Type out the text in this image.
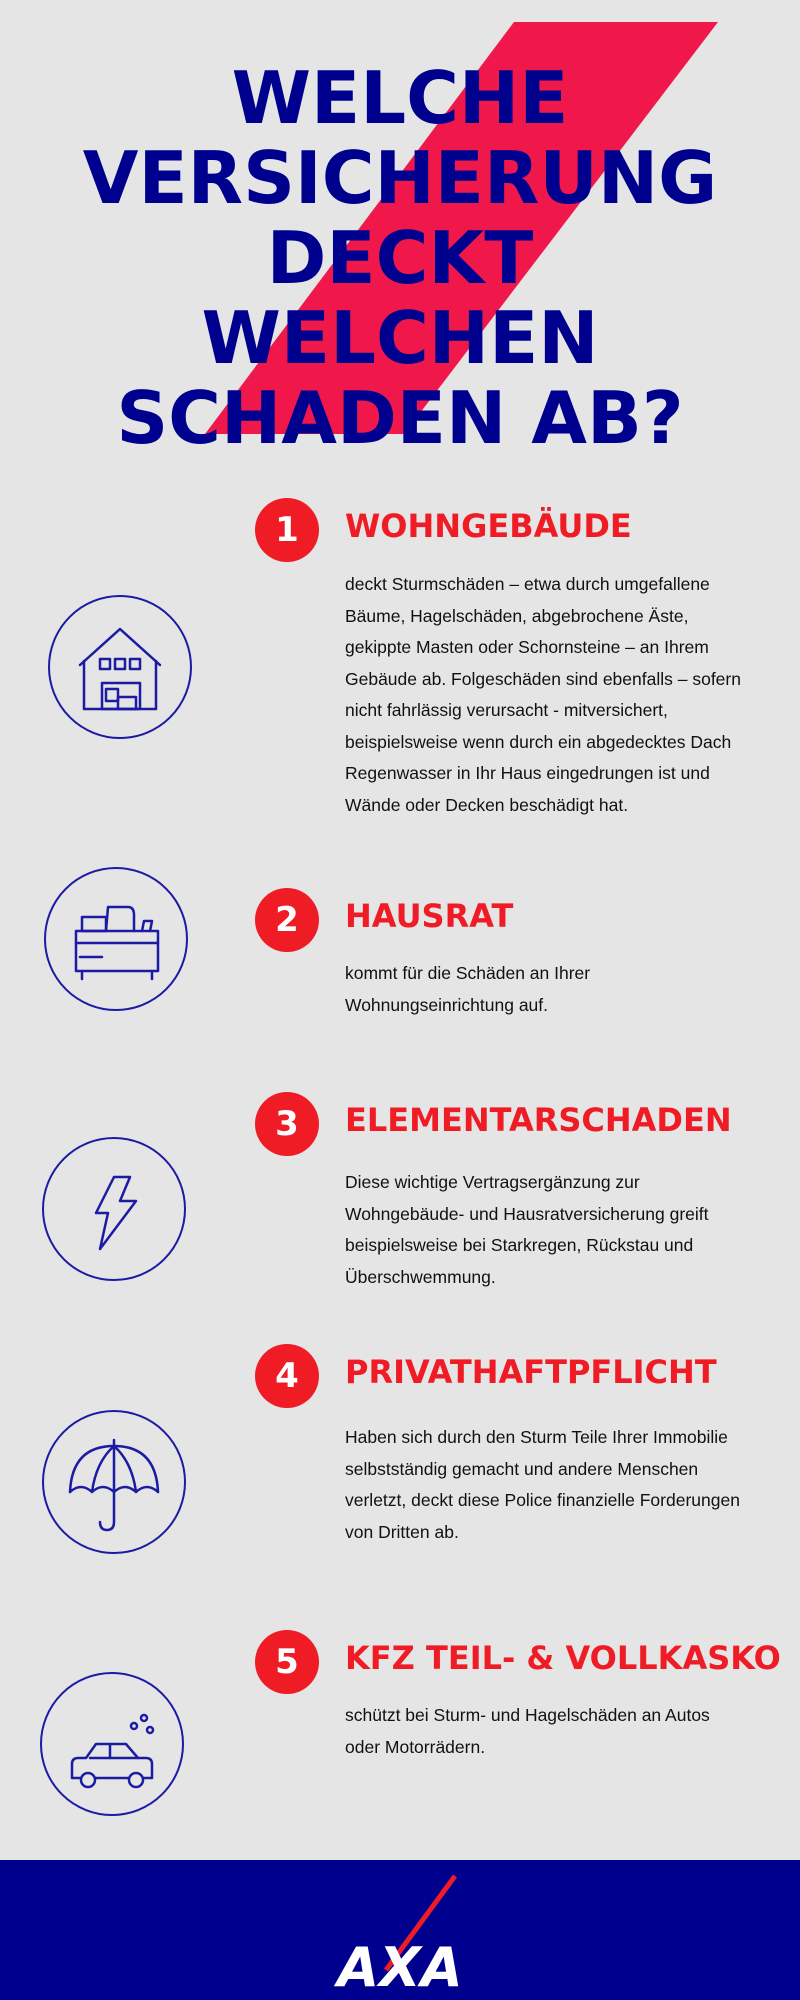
WELCHE
VERSICHERUNG
DECKT WELCHEN
SCHADEN AB?
1	WOHNGEBÄUDE

deckt Sturmschäden – etwa durch umgefallene Bäume, Hagelschäden, abgebrochene Äste, gekippte Masten oder Schornsteine – an Ihrem Gebäude ab. Folgeschäden sind ebenfalls – sofern nicht fahrlässig verursacht - mitversichert, beispielsweise wenn durch ein abgedecktes Dach Regenwasser in Ihr Haus eingedrungen ist und Wände oder Decken beschädigt hat.

2	HAUSRAT

kommt für die Schäden an Ihrer Wohnungseinrichtung auf.

3	ELEMENTARSCHADEN

Diese wichtige Vertragsergänzung zur Wohngebäude- und Hausratversicherung greift beispielsweise bei Starkregen, Rückstau und Überschwemmung.

4	PRIVATHAFTPFLICHT

Haben sich durch den Sturm Teile Ihrer Immobilie selbstständig gemacht und andere Menschen verletzt, deckt diese Police finanzielle Forderungen von Dritten ab.

5	KFZ TEIL- & VOLLKASKO

schützt bei Sturm- und Hagelschäden an Autos oder Motorrädern.

AXA
